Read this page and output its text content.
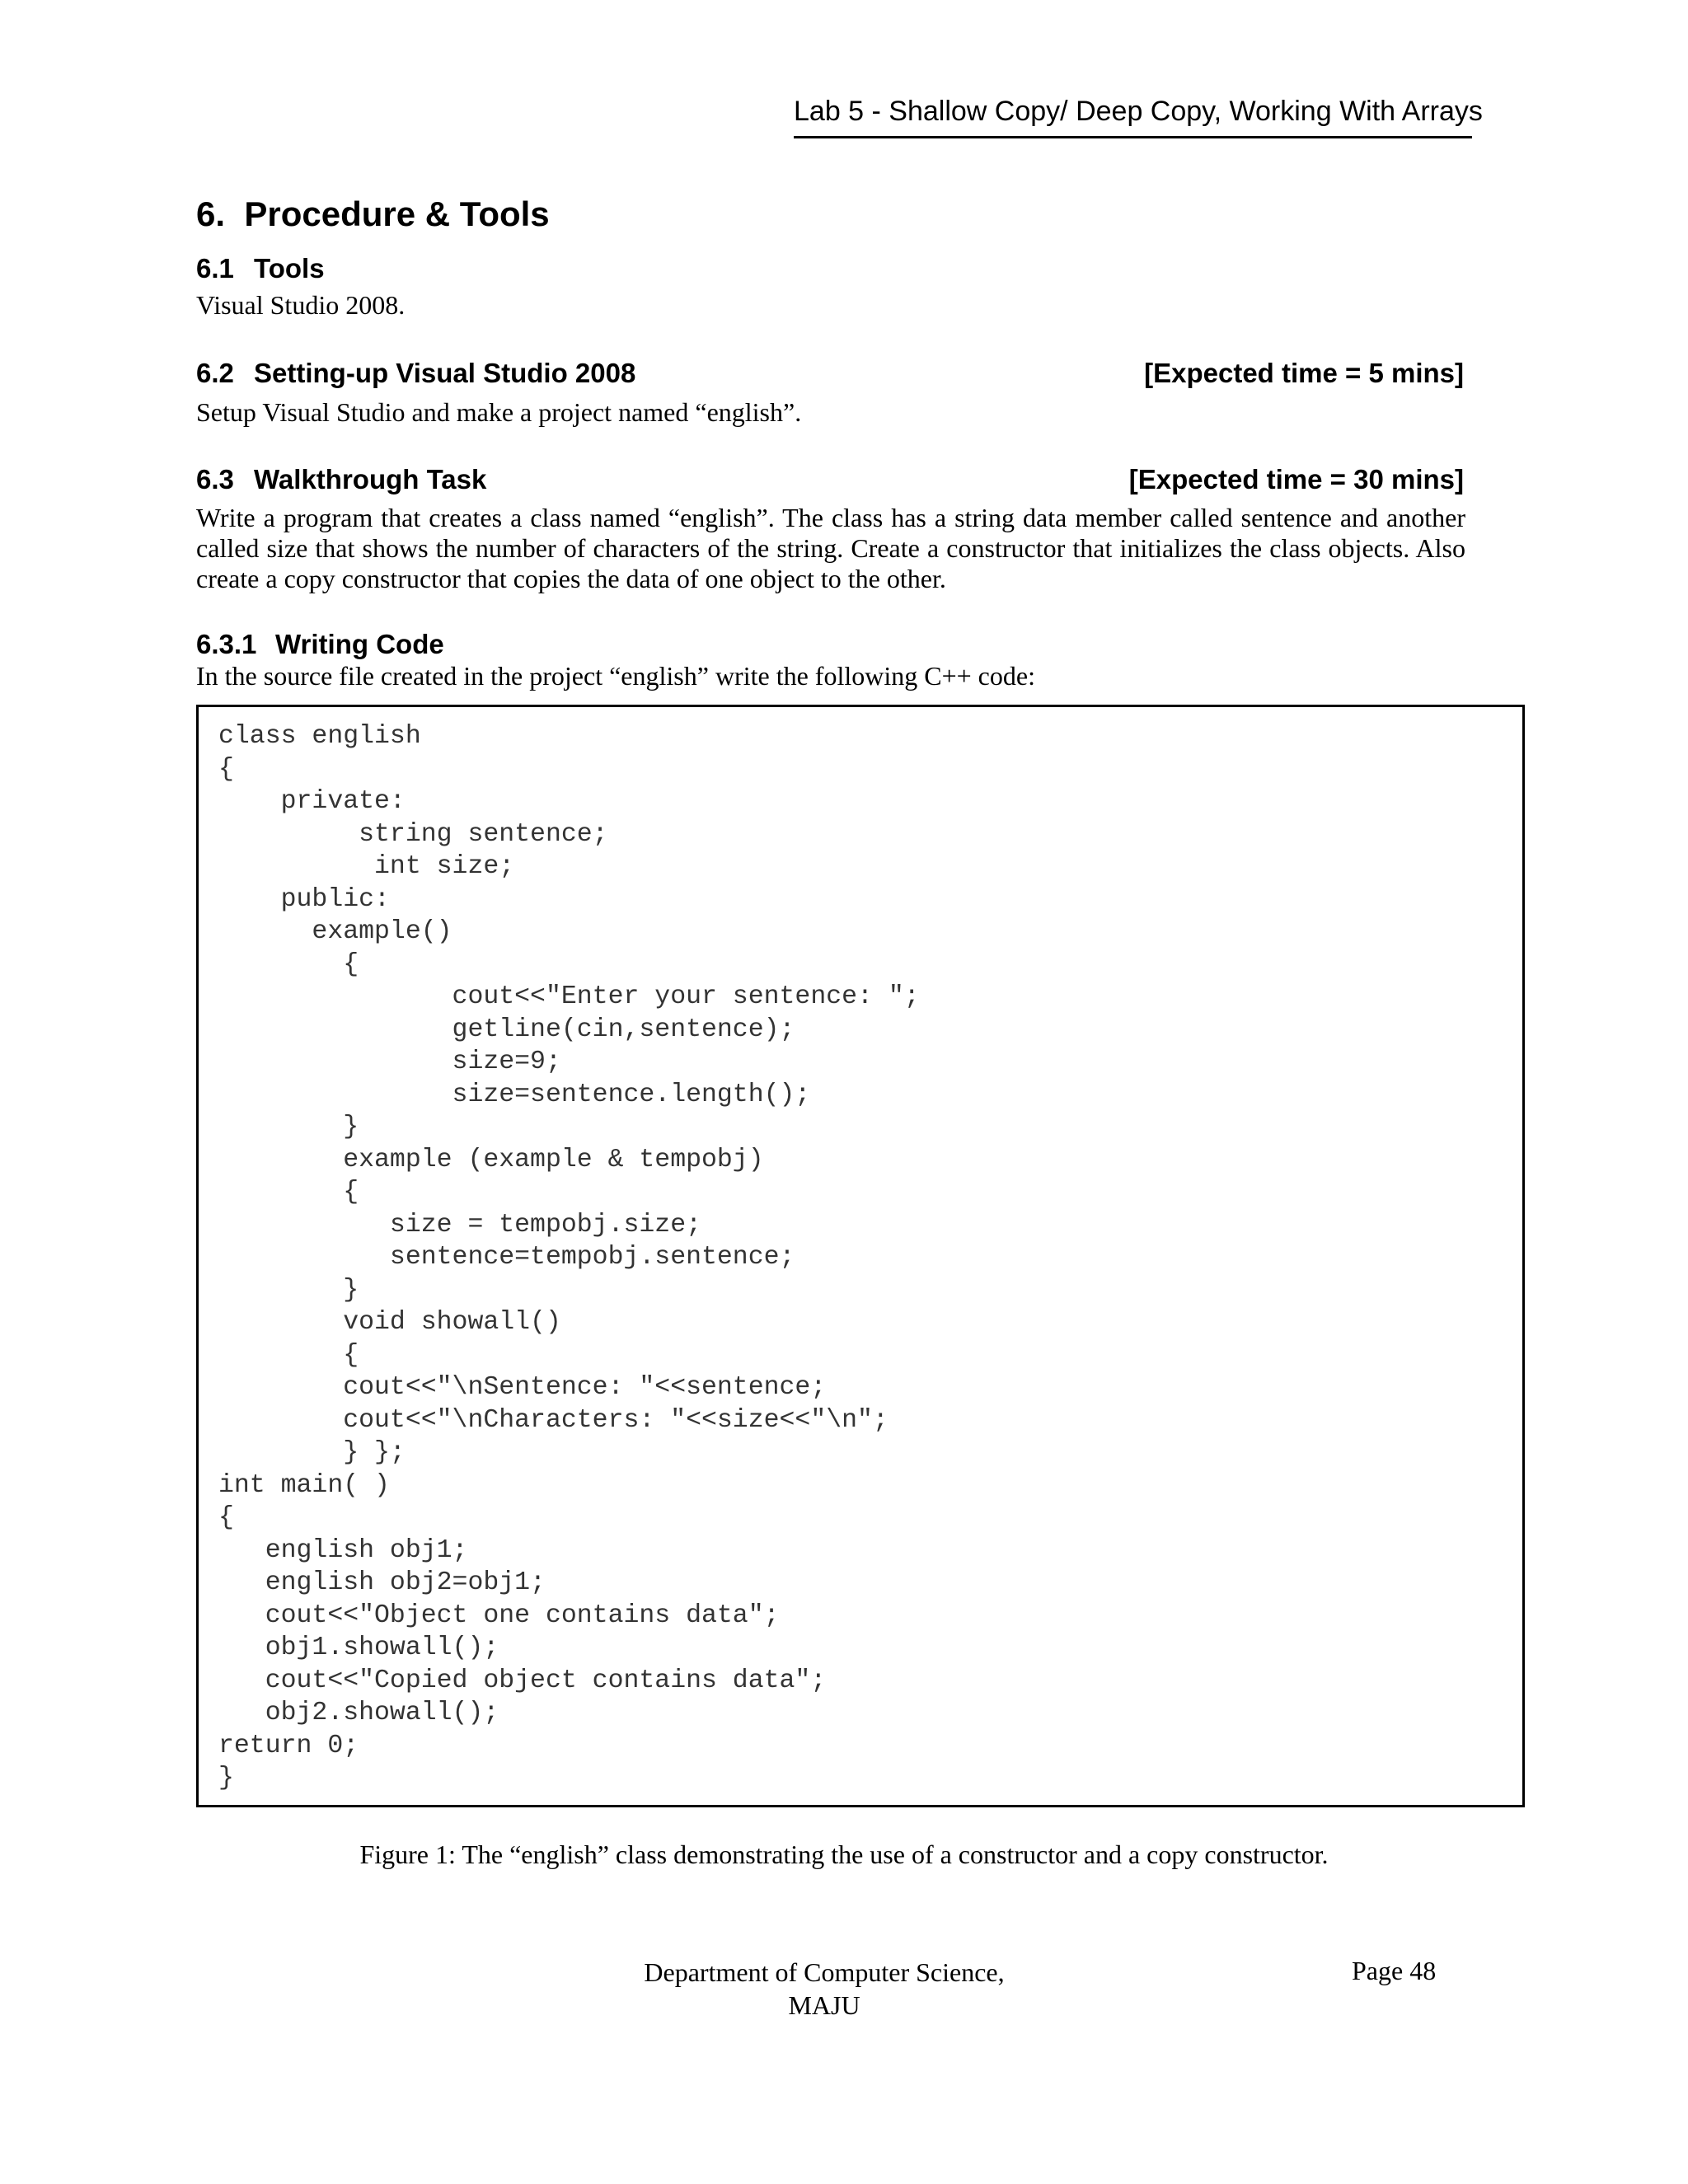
Lab 5 - Shallow Copy/ Deep Copy, Working With Arrays
6. Procedure & Tools
6.1 Tools
Visual Studio 2008.
6.2 Setting-up Visual Studio 2008	[Expected time = 5 mins]
Setup Visual Studio and make a project named “english”.
6.3 Walkthrough Task	[Expected time = 30 mins]
Write a program that creates a class named “english”. The class has a string data member called sentence and another called size that shows the number of characters of the string. Create a constructor that initializes the class objects. Also create a copy constructor that copies the data of one object to the other.
6.3.1 Writing Code
In the source file created in the project “english” write the following C++ code:
class english
{
private:
string sentence;
int size;
public:
example()
{
cout<<"Enter your sentence: ";
getline(cin,sentence);
size=9;
size=sentence.length();
}
example (example & tempobj)
{
size = tempobj.size;
sentence=tempobj.sentence;
}
void showall()
{
cout<<"\nSentence: "<<sentence;
cout<<"\nCharacters: "<<size<<"\n";
} };
int main( )
{
english obj1;
english obj2=obj1;
cout<<"Object one contains data";
obj1.showall();
cout<<"Copied object contains data";
obj2.showall();
return 0;
}
Figure 1: The “english” class demonstrating the use of a constructor and a copy constructor.
Department of Computer Science,
MAJU
Page 48
